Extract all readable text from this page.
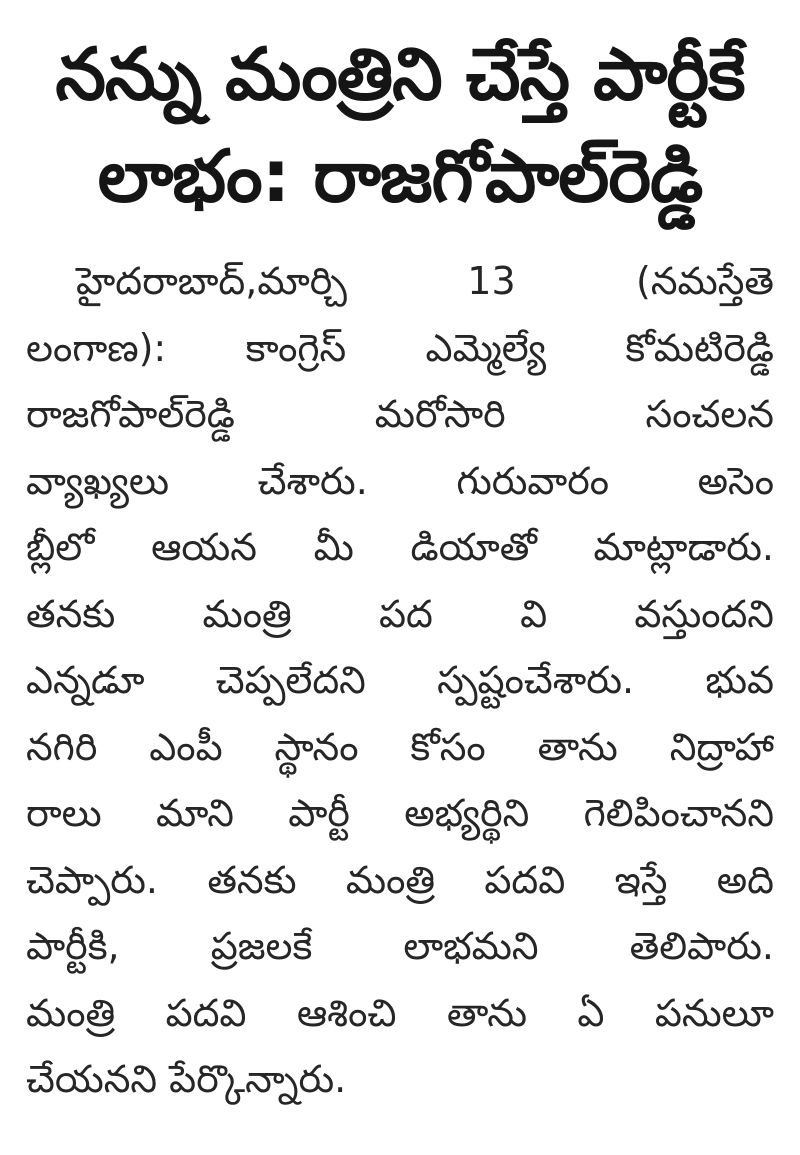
నన్ను మంత్రిని చేస్తే పార్టీకే
లాభం: రాజగోపాల్‌రెడ్డి
హైదరాబాద్,మార్చి 13 (నమస్తేతె
లంగాణ): కాంగ్రెస్ ఎమ్మెల్యే కోమటిరెడ్డి
రాజగోపాల్‌రెడ్డి మరోసారి సంచలన
వ్యాఖ్యలు చేశారు. గురువారం అసెం
బ్లీలో ఆయన మీ డియాతో మాట్లాడారు.
తనకు మంత్రి పద వి వస్తుందని
ఎన్నడూ చెప్పలేదని స్పష్టంచేశారు. భువ
నగిరి ఎంపీ స్థానం కోసం తాను నిద్రాహా
రాలు మాని పార్టీ అభ్యర్థిని గెలిపించానని
చెప్పారు. తనకు మంత్రి పదవి ఇస్తే అది
పార్టీకి, ప్రజలకే లాభమని తెలిపారు.
మంత్రి పదవి ఆశించి తాను ఏ పనులూ
చేయనని పేర్కొన్నారు.
